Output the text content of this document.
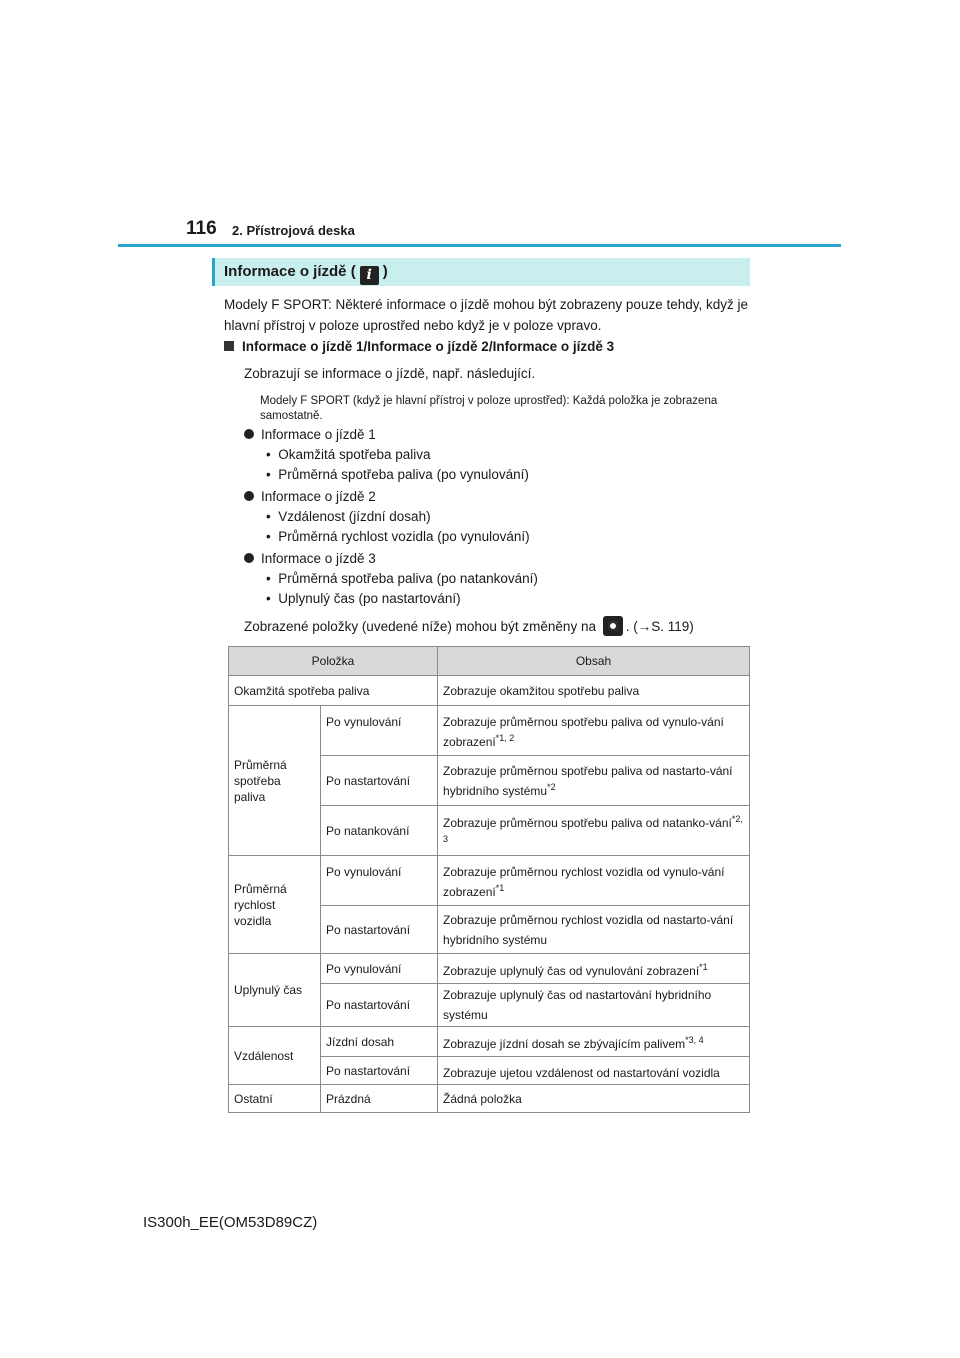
116 2. Přístrojová deska
Informace o jízdě ( i )
Modely F SPORT: Některé informace o jízdě mohou být zobrazeny pouze tehdy, když je hlavní přístroj v poloze uprostřed nebo když je v poloze vpravo.
Informace o jízdě 1/Informace o jízdě 2/Informace o jízdě 3
Zobrazují se informace o jízdě, např. následující.
Modely F SPORT (když je hlavní přístroj v poloze uprostřed): Každá položka je zobrazena samostatně.
Informace o jízdě 1
•  Okamžitá spotřeba paliva
•  Průměrná spotřeba paliva (po vynulování)
Informace o jízdě 2
•  Vzdálenost (jízdní dosah)
•  Průměrná rychlost vozidla (po vynulování)
Informace o jízdě 3
•  Průměrná spotřeba paliva (po natankování)
•  Uplynulý čas (po nastartování)
Zobrazené položky (uvedené níže) mohou být změněny na . (→S. 119)
Položka		Obsah
Okamžitá spotřeba paliva		Zobrazuje okamžitou spotřebu paliva
Průměrná spotřeba paliva	Po vynulování	Zobrazuje průměrnou spotřebu paliva od vynulo-vání zobrazení$^{*1, 2}$
	Po nastartování	Zobrazuje průměrnou spotřebu paliva od nastarto-vání hybridního systému$^{*2}$
	Po natankování	Zobrazuje průměrnou spotřebu paliva od natanko-vání$^{*2, 3}$
Průměrná rychlost vozidla	Po vynulování	Zobrazuje průměrnou rychlost vozidla od vynulo-vání zobrazení$^{*1}$
	Po nastartování	Zobrazuje průměrnou rychlost vozidla od nastarto-vání hybridního systému
Uplynulý čas	Po vynulování	Zobrazuje uplynulý čas od vynulování zobrazení$^{*1}$
	Po nastartování	Zobrazuje uplynulý čas od nastartování hybridního systému
Vzdálenost	Jízdní dosah	Zobrazuje jízdní dosah se zbývajícím palivem$^{*3, 4}$
	Po nastartování	Zobrazuje ujetou vzdálenost od nastartování vozidla
Ostatní	Prázdná	Žádná položka
IS300h_EE(OM53D89CZ)
